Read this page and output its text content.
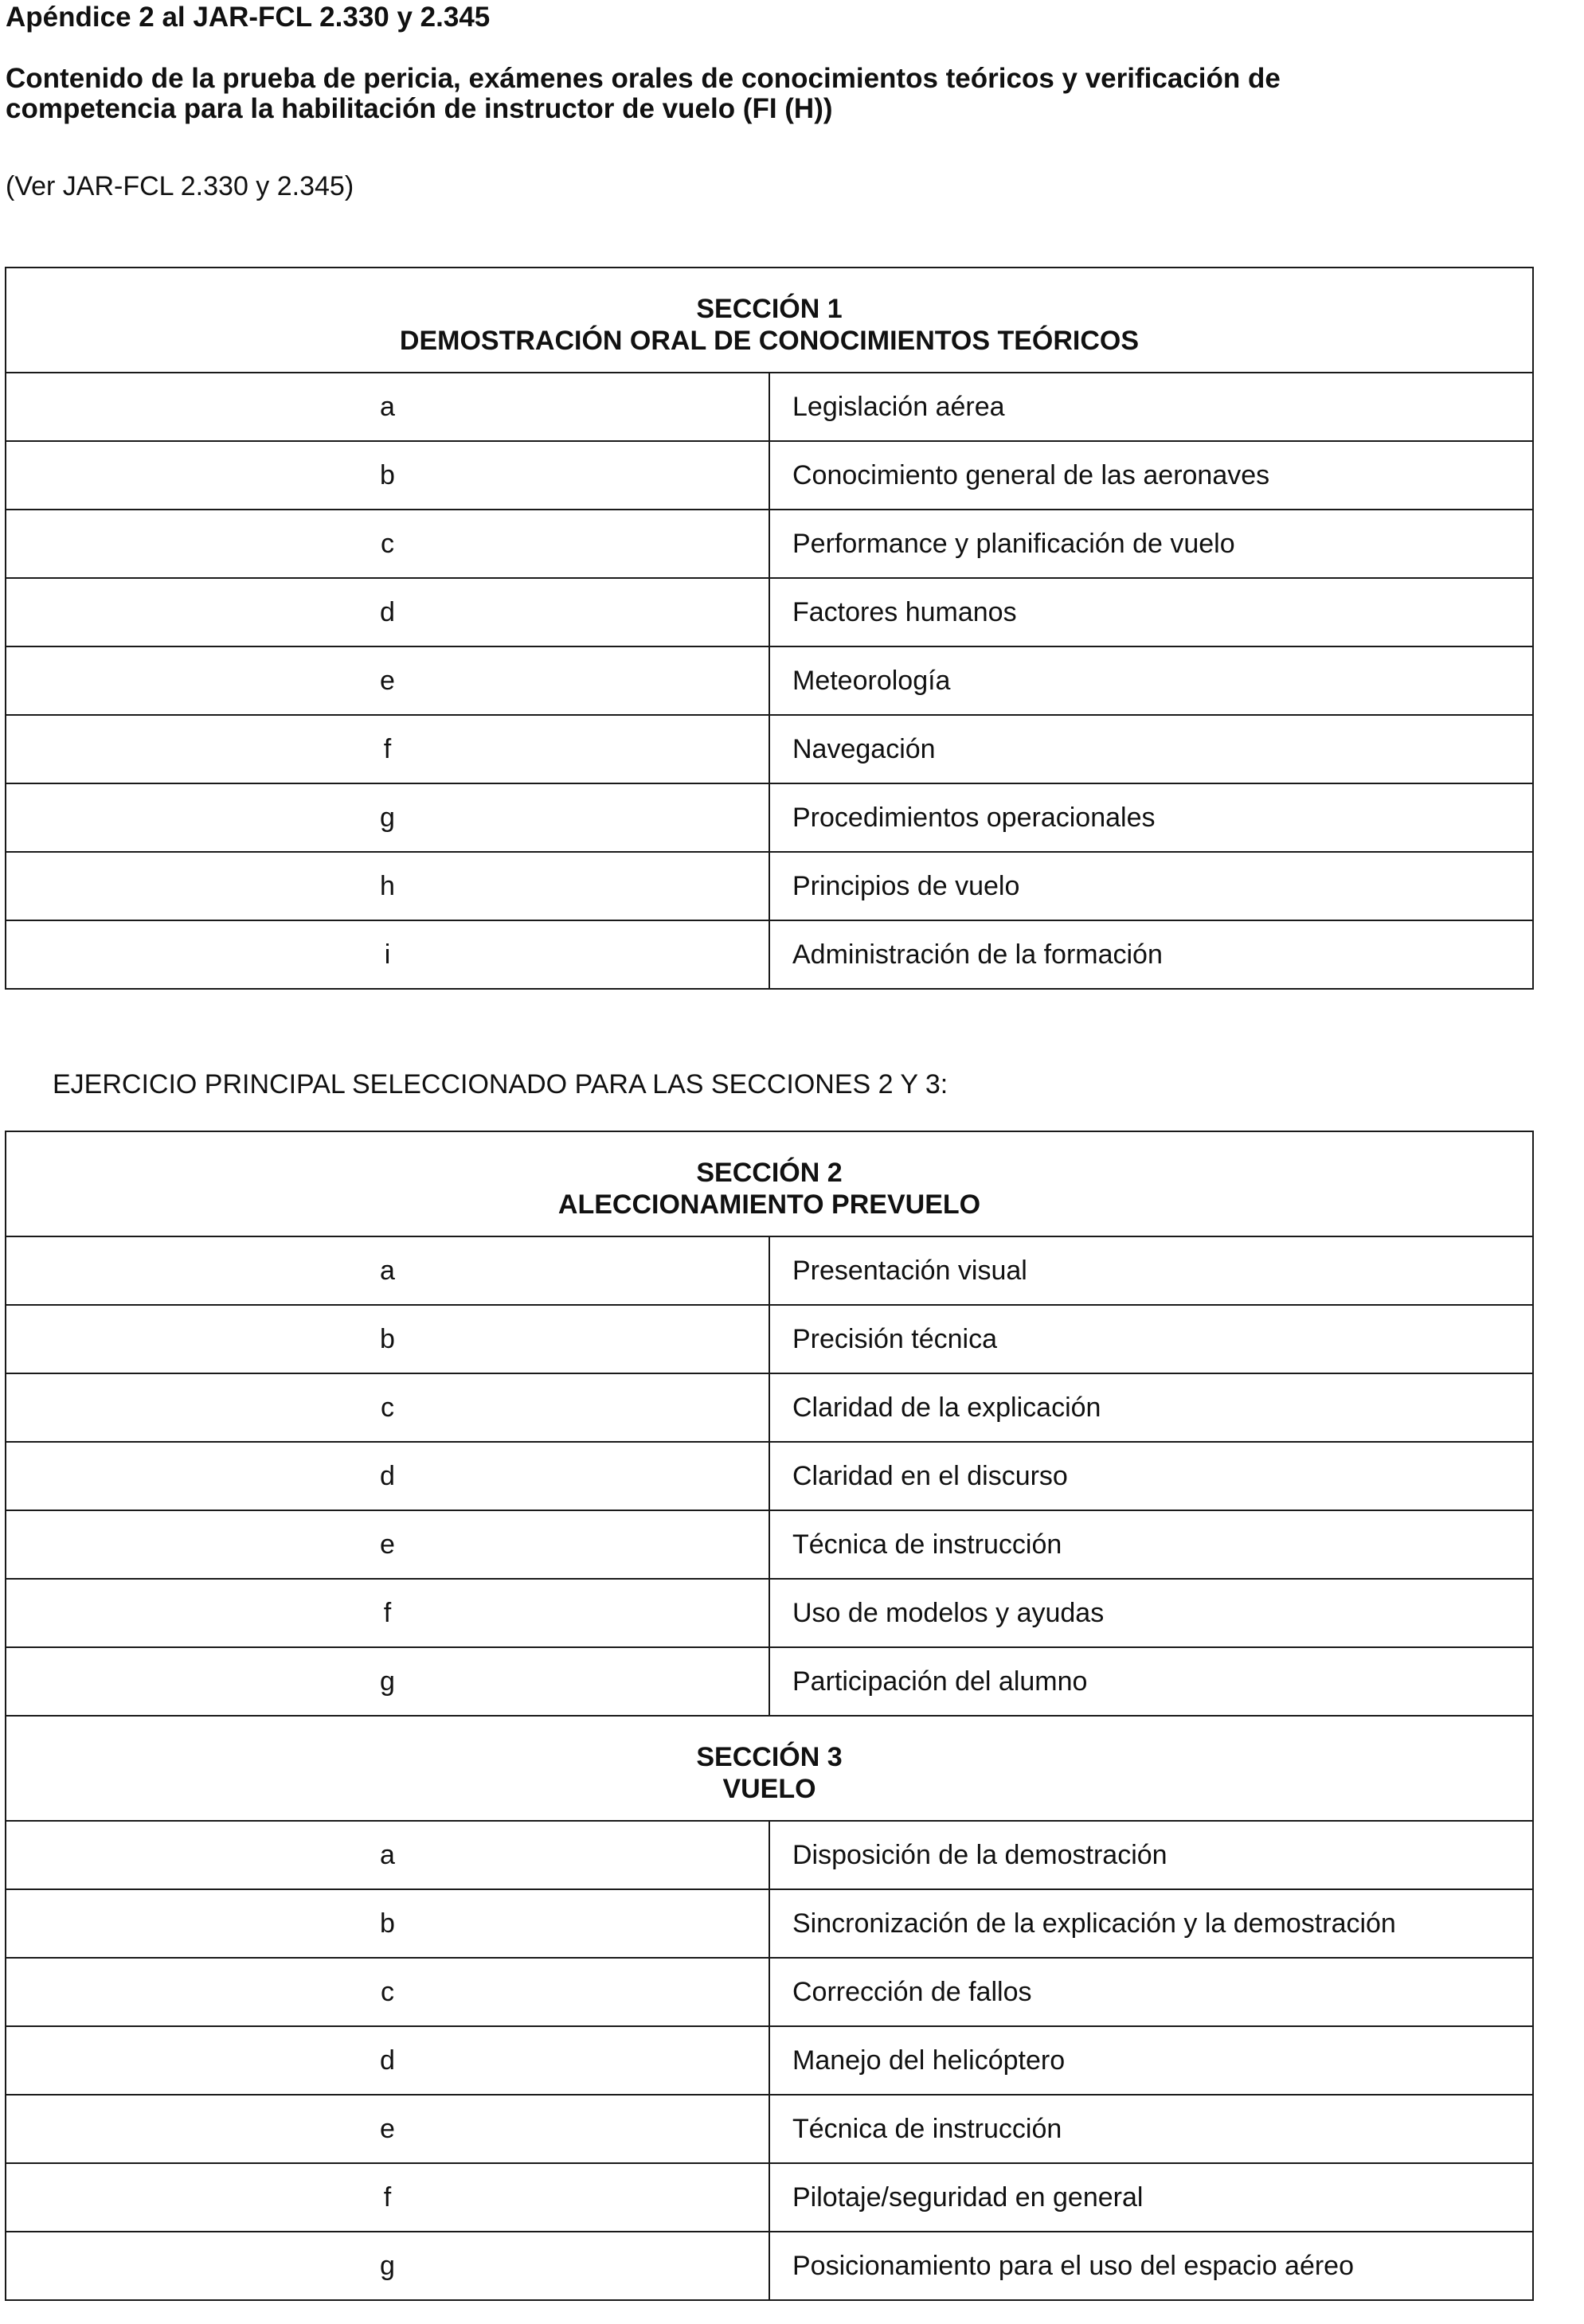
Apéndice 2 al JAR-FCL 2.330 y 2.345
Contenido de la prueba de pericia, exámenes orales de conocimientos teóricos y verificación de
competencia para la habilitación de instructor de vuelo (FI (H))
(Ver JAR-FCL 2.330 y 2.345)
SECCIÓN 1
DEMOSTRACIÓN ORAL DE CONOCIMIENTOS TEÓRICOS	

a	Legislación aérea
b	Conocimiento general de las aeronaves
c	Performance y planificación de vuelo
d	Factores humanos
e	Meteorología
f	Navegación
g	Procedimientos operacionales
h	Principios de vuelo
i	Administración de la formación
EJERCICIO PRINCIPAL SELECCIONADO PARA LAS SECCIONES 2 Y 3:
SECCIÓN 2
ALECCIONAMIENTO PREVUELO	

a	Presentación visual
b	Precisión técnica
c	Claridad de la explicación
d	Claridad en el discurso
e	Técnica de instrucción
f	Uso de modelos y ayudas
g	Participación del alumno

SECCIÓN 3
VUELO	

a	Disposición de la demostración
b	Sincronización de la explicación y la demostración
c	Corrección de fallos
d	Manejo del helicóptero
e	Técnica de instrucción
f	Pilotaje/seguridad en general
g	Posicionamiento para el uso del espacio aéreo
